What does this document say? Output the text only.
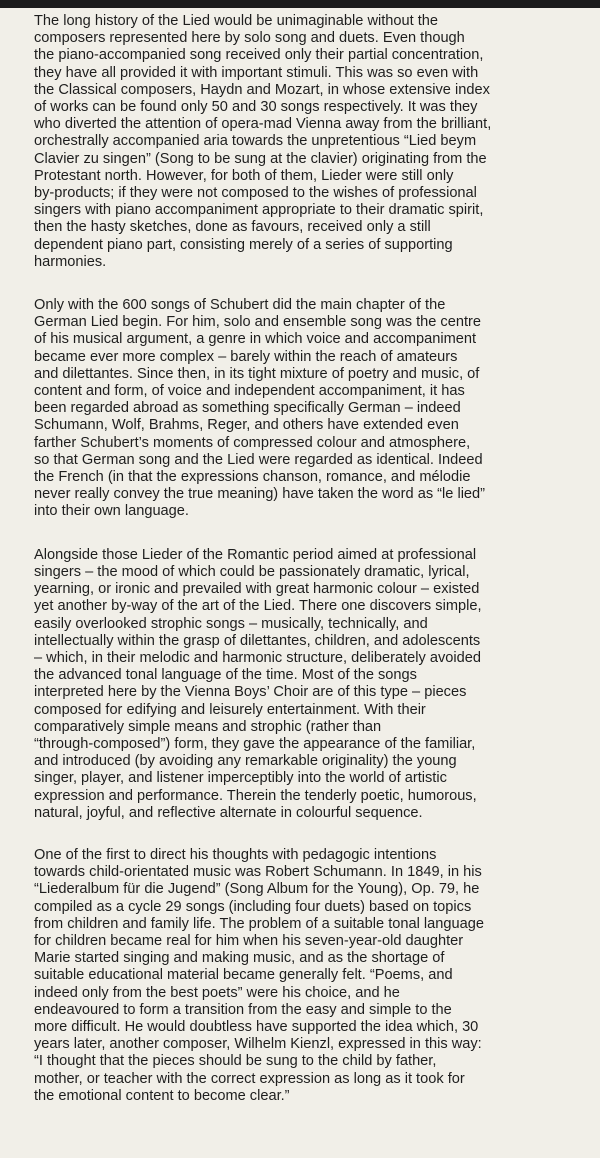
The long history of the Lied would be unimaginable without the
composers represented here by solo song and duets. Even though
the piano-accompanied song received only their partial concentration,
they have all provided it with important stimuli. This was so even with
the Classical composers, Haydn and Mozart, in whose extensive index
of works can be found only 50 and 30 songs respectively. It was they
who diverted the attention of opera-mad Vienna away from the brilliant,
orchestrally accompanied aria towards the unpretentious “Lied beym
Clavier zu singen” (Song to be sung at the clavier) originating from the
Protestant north. However, for both of them, Lieder were still only
by-products; if they were not composed to the wishes of professional
singers with piano accompaniment appropriate to their dramatic spirit,
then the hasty sketches, done as favours, received only a still
dependent piano part, consisting merely of a series of supporting
harmonies.

Only with the 600 songs of Schubert did the main chapter of the
German Lied begin. For him, solo and ensemble song was the centre
of his musical argument, a genre in which voice and accompaniment
became ever more complex – barely within the reach of amateurs
and dilettantes. Since then, in its tight mixture of poetry and music, of
content and form, of voice and independent accompaniment, it has
been regarded abroad as something specifically German – indeed
Schumann, Wolf, Brahms, Reger, and others have extended even
farther Schubert’s moments of compressed colour and atmosphere,
so that German song and the Lied were regarded as identical. Indeed
the French (in that the expressions chanson, romance, and mélodie
never really convey the true meaning) have taken the word as “le lied”
into their own language.

Alongside those Lieder of the Romantic period aimed at professional
singers – the mood of which could be passionately dramatic, lyrical,
yearning, or ironic and prevailed with great harmonic colour – existed
yet another by-way of the art of the Lied. There one discovers simple,
easily overlooked strophic songs – musically, technically, and
intellectually within the grasp of dilettantes, children, and adolescents
– which, in their melodic and harmonic structure, deliberately avoided
the advanced tonal language of the time. Most of the songs
interpreted here by the Vienna Boys’ Choir are of this type – pieces
composed for edifying and leisurely entertainment. With their
comparatively simple means and strophic (rather than
“through-composed”) form, they gave the appearance of the familiar,
and introduced (by avoiding any remarkable originality) the young
singer, player, and listener imperceptibly into the world of artistic
expression and performance. Therein the tenderly poetic, humorous,
natural, joyful, and reflective alternate in colourful sequence.

One of the first to direct his thoughts with pedagogic intentions
towards child-orientated music was Robert Schumann. In 1849, in his
“Liederalbum für die Jugend” (Song Album for the Young), Op. 79, he
compiled as a cycle 29 songs (including four duets) based on topics
from children and family life. The problem of a suitable tonal language
for children became real for him when his seven-year-old daughter
Marie started singing and making music, and as the shortage of
suitable educational material became generally felt. “Poems, and
indeed only from the best poets” were his choice, and he
endeavoured to form a transition from the easy and simple to the
more difficult. He would doubtless have supported the idea which, 30
years later, another composer, Wilhelm Kienzl, expressed in this way:
“I thought that the pieces should be sung to the child by father,
mother, or teacher with the correct expression as long as it took for
the emotional content to become clear.”
